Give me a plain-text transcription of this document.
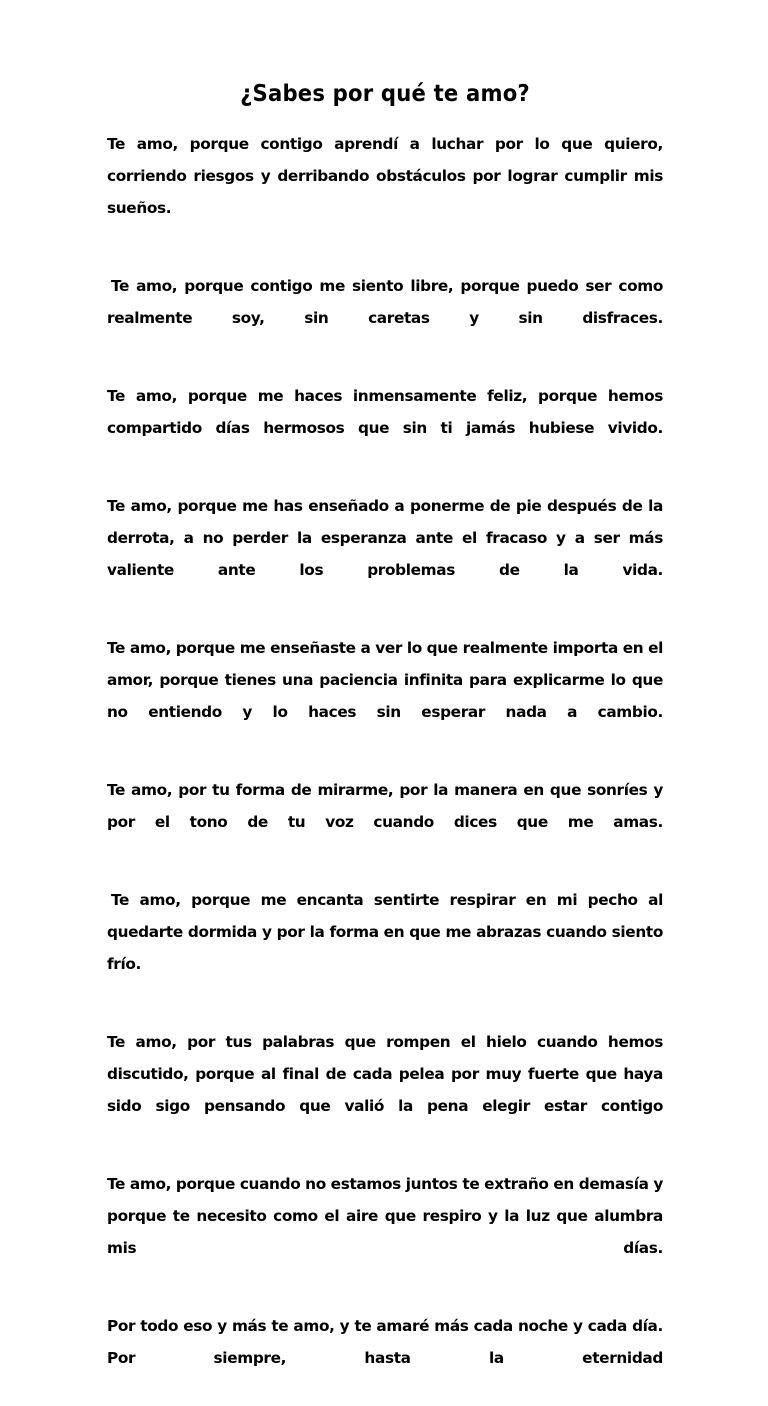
¿Sabes por qué te amo?

Te amo, porque contigo aprendí a luchar por lo que quiero, corriendo riesgos y derribando obstáculos por lograr cumplir mis sueños.

Te amo, porque contigo me siento libre, porque puedo ser como realmente soy, sin caretas y sin disfraces.

Te amo, porque me haces inmensamente feliz, porque hemos compartido días hermosos que sin ti jamás hubiese vivido.

Te amo, porque me has enseñado a ponerme de pie después de la derrota, a no perder la esperanza ante el fracaso y a ser más valiente ante los problemas de la vida.

Te amo, porque me enseñaste a ver lo que realmente importa en el amor, porque tienes una paciencia infinita para explicarme lo que no entiendo y lo haces sin esperar nada a cambio.

Te amo, por tu forma de mirarme, por la manera en que sonríes y por el tono de tu voz cuando dices que me amas.

Te amo, porque me encanta sentirte respirar en mi pecho al quedarte dormida y por la forma en que me abrazas cuando siento frío.

Te amo, por tus palabras que rompen el hielo cuando hemos discutido, porque al final de cada pelea por muy fuerte que haya sido sigo pensando que valió la pena elegir estar contigo

Te amo, porque cuando no estamos juntos te extraño en demasía y porque te necesito como el aire que respiro y la luz que alumbra mis días.

Por todo eso y más te amo, y te amaré más cada noche y cada día. Por siempre, hasta la eternidad
